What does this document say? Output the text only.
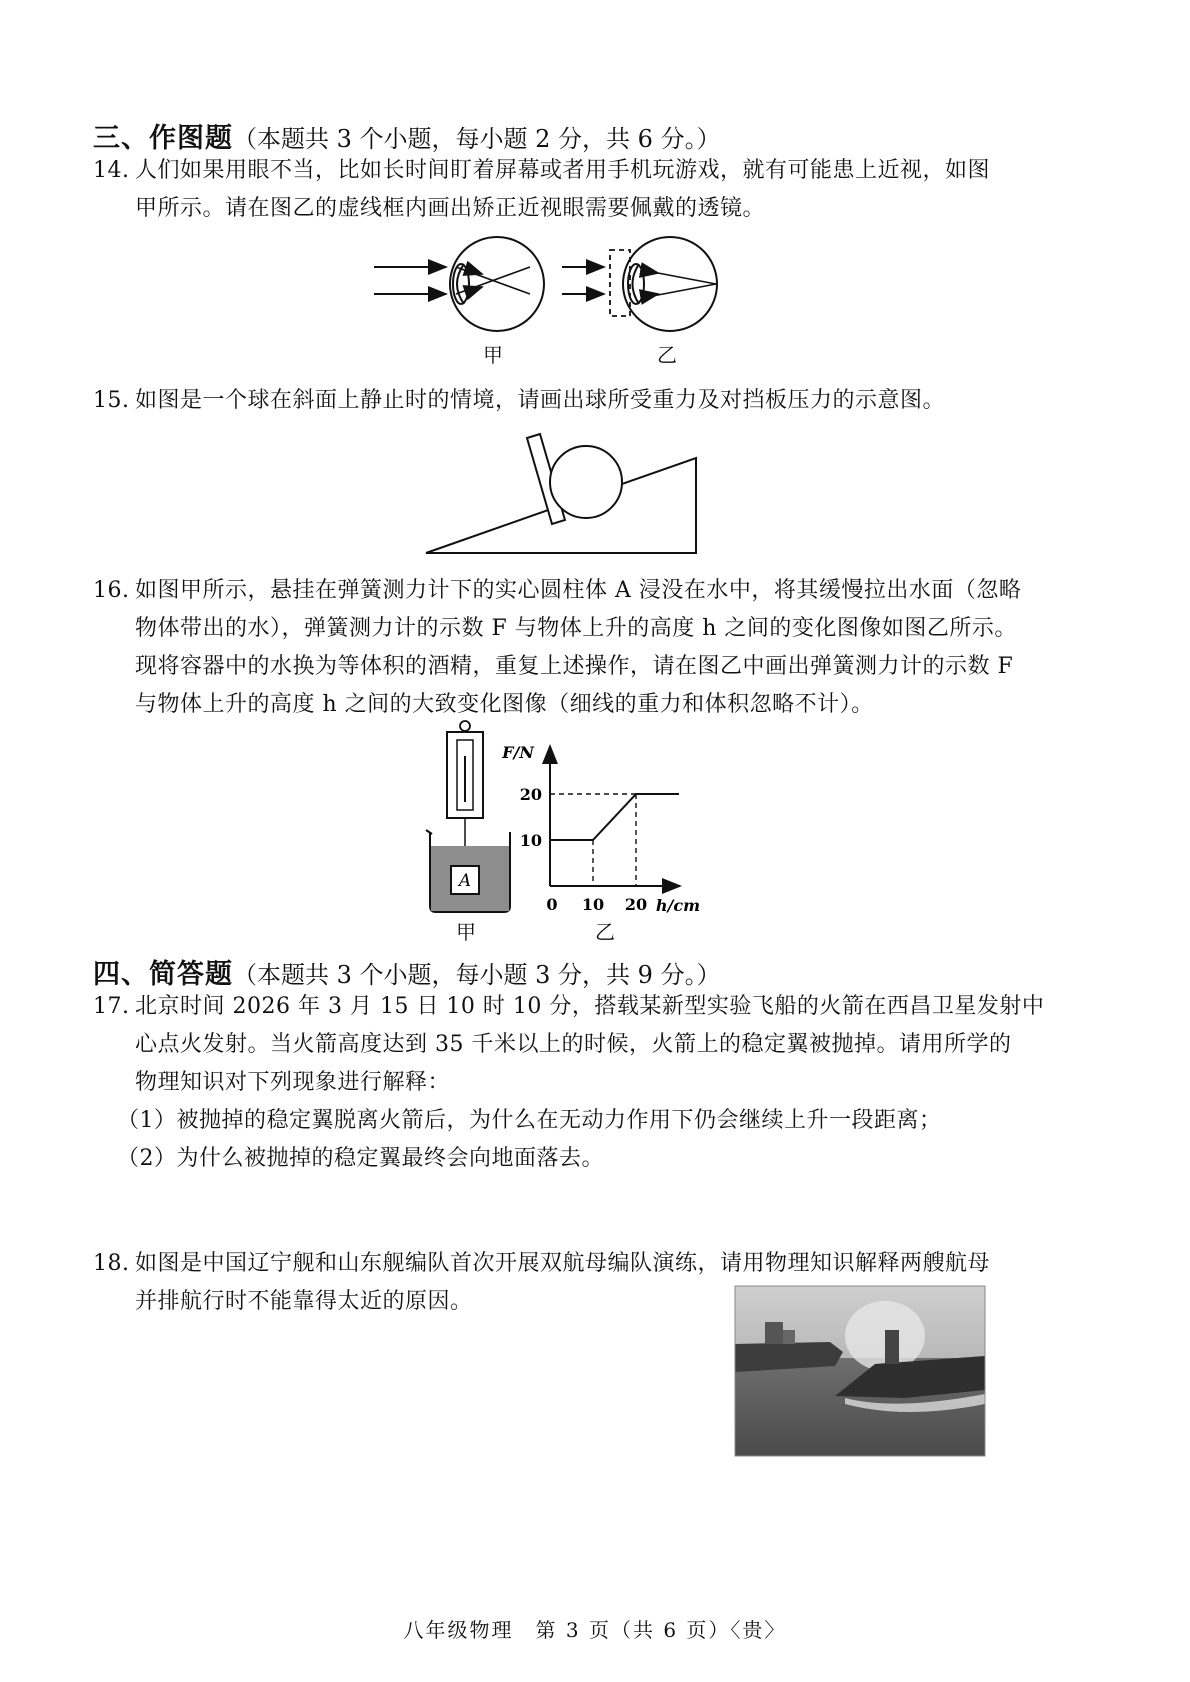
三、作图题（本题共 3 个小题，每小题 2 分，共 6 分。）
14. 人们如果用眼不当，比如长时间盯着屏幕或者用手机玩游戏，就有可能患上近视，如图
甲所示。请在图乙的虚线框内画出矫正近视眼需要佩戴的透镜。
甲	乙
15. 如图是一个球在斜面上静止时的情境，请画出球所受重力及对挡板压力的示意图。
16. 如图甲所示，悬挂在弹簧测力计下的实心圆柱体 A 浸没在水中，将其缓慢拉出水面（忽略
物体带出的水），弹簧测力计的示数 F 与物体上升的高度 h 之间的变化图像如图乙所示。
现将容器中的水换为等体积的酒精，重复上述操作，请在图乙中画出弹簧测力计的示数 F
与物体上升的高度 h 之间的大致变化图像（细线的重力和体积忽略不计）。
A
甲
F/N
0	h/cm
10 20
10
20
乙
四、简答题（本题共 3 个小题，每小题 3 分，共 9 分。）
17. 北京时间 2026 年 3 月 15 日 10 时 10 分，搭载某新型实验飞船的火箭在西昌卫星发射中
心点火发射。当火箭高度达到 35 千米以上的时候，火箭上的稳定翼被抛掉。请用所学的
物理知识对下列现象进行解释：
（1）被抛掉的稳定翼脱离火箭后，为什么在无动力作用下仍会继续上升一段距离；
（2）为什么被抛掉的稳定翼最终会向地面落去。
18. 如图是中国辽宁舰和山东舰编队首次开展双航母编队演练，请用物理知识解释两艘航母
并排航行时不能靠得太近的原因。
八年级物理　第 3 页（共 6 页）〈贵〉
